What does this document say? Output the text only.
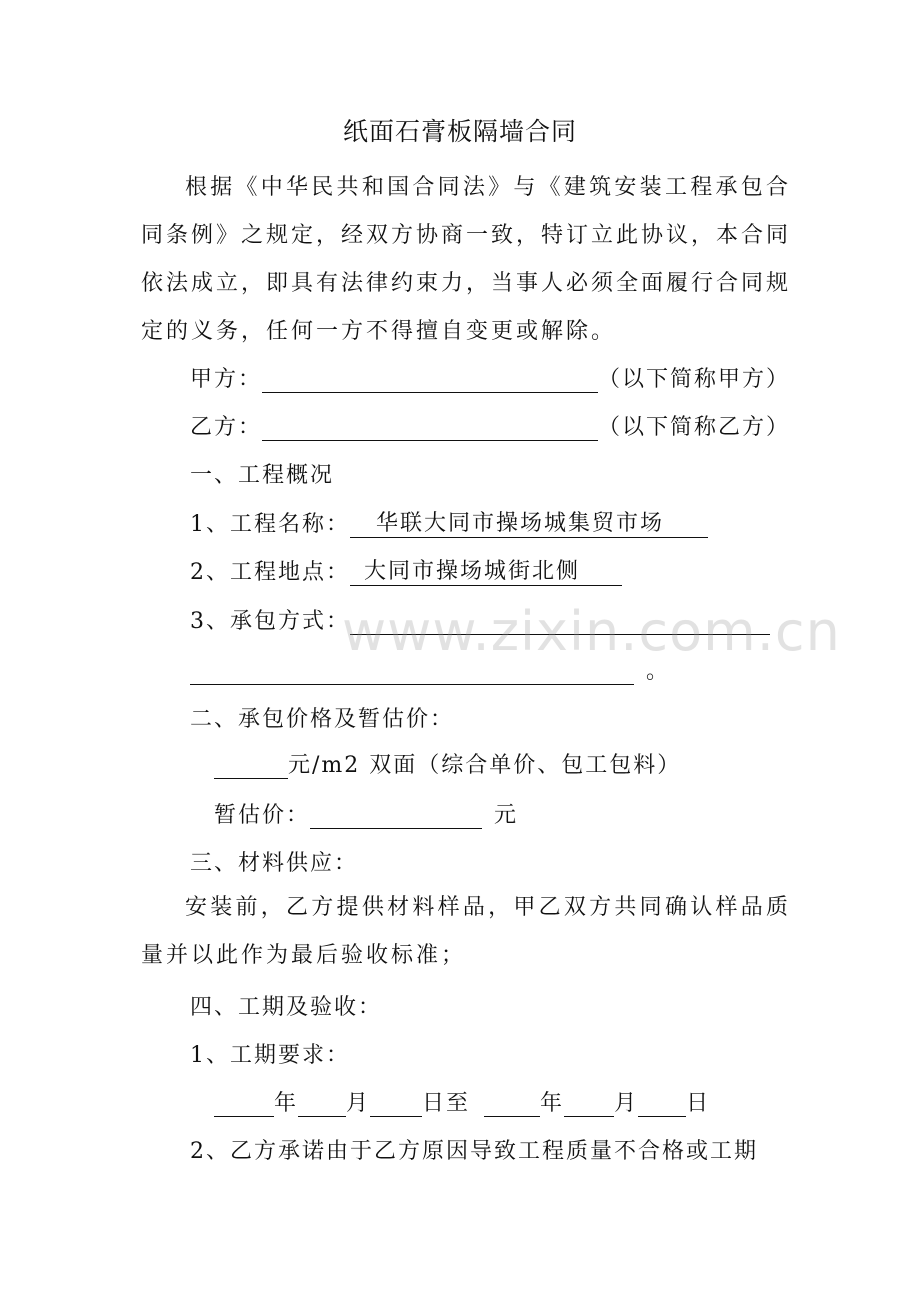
纸面石膏板隔墙合同

根据《中华民共和国合同法》与《建筑安装工程承包合同条例》之规定，经双方协商一致，特订立此协议，本合同依法成立，即具有法律约束力，当事人必须全面履行合同规定的义务，任何一方不得擅自变更或解除。

甲方：	（以下简称甲方）
乙方：	（以下简称乙方）
一、工程概况
1、工程名称： 华联大同市操场城集贸市场
2、工程地点： 大同市操场城街北侧
3、承包方式：
。
二、承包价格及暂估价：
元/m2 双面（综合单价、包工包料）
暂估价：	元
三、材料供应：

安装前，乙方提供材料样品，甲乙双方共同确认样品质量并以此作为最后验收标准；

四、工期及验收：
1、工期要求：
年 月 日至	年 月 日
2、乙方承诺由于乙方原因导致工程质量不合格或工期
www.zixin.com.cn
